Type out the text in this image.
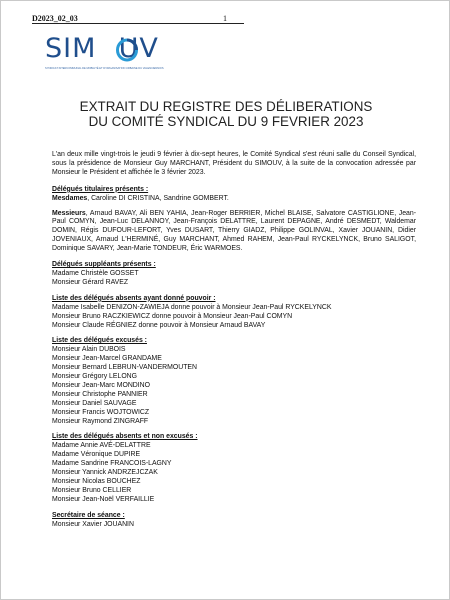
D2023_02_03	1
SIM UV
SYNDICAT INTERCOMMUNAL DE MOBILITÉ ET D'ORGANISATION URBAINE DU VALENCIENNOIS
EXTRAIT DU REGISTRE DES DÉLIBERATIONS
DU COMITÉ SYNDICAL DU 9 FEVRIER 2023

L'an deux mille vingt-trois le jeudi 9 février à dix-sept heures, le Comité Syndical s'est réuni salle du Conseil Syndical, sous la présidence de Monsieur Guy MARCHANT, Président du SIMOUV, à la suite de la convocation adressée par Monsieur le Président et affichée le 3 février 2023.

Délégués titulaires présents :
Mesdames, Caroline DI CRISTINA, Sandrine GOMBERT.
Messieurs, Arnaud BAVAY, Ali BEN YAHIA, Jean-Roger BERRIER, Michel BLAISE, Salvatore CASTIGLIONE, Jean-Paul COMYN, Jean-Luc DELANNOY, Jean-François DELATTRE, Laurent DEPAGNE, André DESMEDT, Waldemar DOMIN, Régis DUFOUR-LEFORT, Yves DUSART, Thierry GIADZ, Philippe GOLINVAL, Xavier JOUANIN, Didier JOVENIAUX, Arnaud L'HERMINÉ, Guy MARCHANT, Ahmed RAHEM, Jean-Paul RYCKELYNCK, Bruno SALIGOT, Dominique SAVARY, Jean-Marie TONDEUR, Éric WARMOES.
Délégués suppléants présents :
Madame Christèle GOSSET
Monsieur Gérard RAVEZ
Liste des délégués absents ayant donné pouvoir :
Madame Isabelle DENIZON-ZAWIEJA donne pouvoir à Monsieur Jean-Paul RYCKELYNCK
Monsieur Bruno RACZKIEWICZ donne pouvoir à Monsieur Jean-Paul COMYN
Monsieur Claude RÉGNIEZ donne pouvoir à Monsieur Arnaud BAVAY
Liste des délégués excusés :
Monsieur Alain DUBOIS
Monsieur Jean-Marcel GRANDAME
Monsieur Bernard LEBRUN-VANDERMOUTEN
Monsieur Grégory LELONG
Monsieur Jean-Marc MONDINO
Monsieur Christophe PANNIER
Monsieur Daniel SAUVAGE
Monsieur Francis WOJTOWICZ
Monsieur Raymond ZINGRAFF
Liste des délégués absents et non excusés :
Madame Annie AVÉ-DELATTRE
Madame Véronique DUPIRE
Madame Sandrine FRANCOIS-LAGNY
Monsieur Yannick ANDRZEJCZAK
Monsieur Nicolas BOUCHEZ
Monsieur Bruno CELLIER
Monsieur Jean-Noël VERFAILLIE
Secrétaire de séance :
Monsieur Xavier JOUANIN
